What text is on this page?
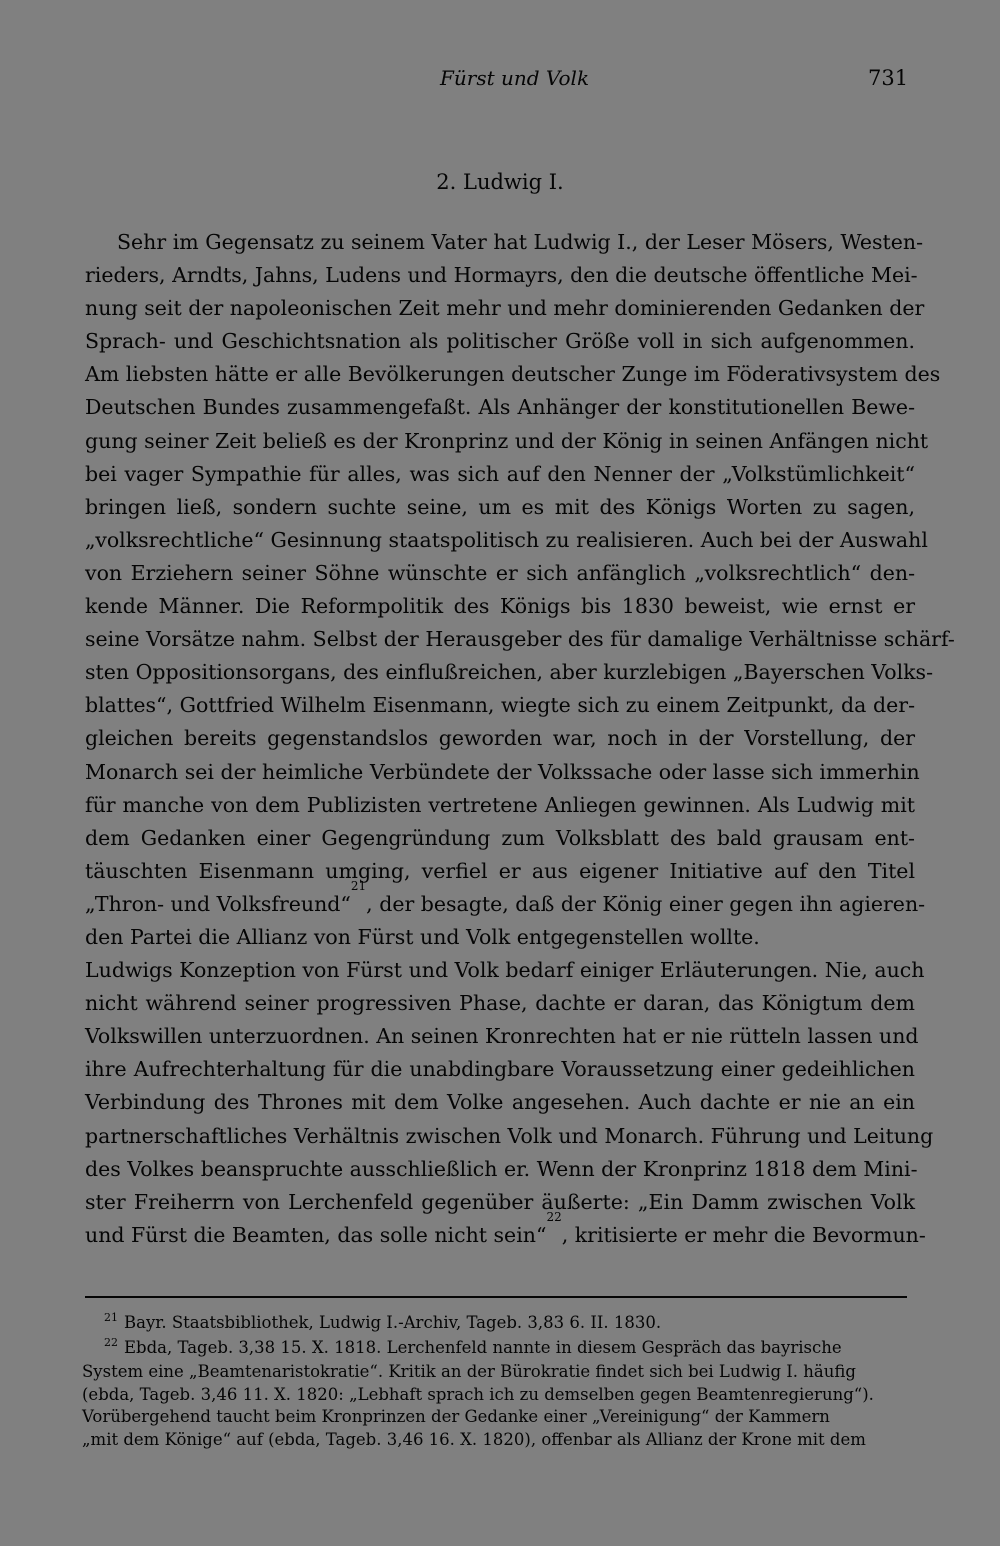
Fürst und Volk	731
2. Ludwig I.
Sehr im Gegensatz zu seinem Vater hat Ludwig I., der Leser Mösers, Westen-
rieders, Arndts, Jahns, Ludens und Hormayrs, den die deutsche öffentliche Mei-
nung seit der napoleonischen Zeit mehr und mehr dominierenden Gedanken der
Sprach- und Geschichtsnation als politischer Größe voll in sich aufgenommen.
Am liebsten hätte er alle Bevölkerungen deutscher Zunge im Föderativsystem des
Deutschen Bundes zusammengefaßt. Als Anhänger der konstitutionellen Bewe-
gung seiner Zeit beließ es der Kronprinz und der König in seinen Anfängen nicht
bei vager Sympathie für alles, was sich auf den Nenner der „Volkstümlichkeit“
bringen ließ, sondern suchte seine, um es mit des Königs Worten zu sagen,
„volksrechtliche“ Gesinnung staatspolitisch zu realisieren. Auch bei der Auswahl
von Erziehern seiner Söhne wünschte er sich anfänglich „volksrechtlich“ den-
kende Männer. Die Reformpolitik des Königs bis 1830 beweist, wie ernst er
seine Vorsätze nahm. Selbst der Herausgeber des für damalige Verhältnisse schärf-
sten Oppositionsorgans, des einflußreichen, aber kurzlebigen „Bayerschen Volks-
blattes“, Gottfried Wilhelm Eisenmann, wiegte sich zu einem Zeitpunkt, da der-
gleichen bereits gegenstandslos geworden war, noch in der Vorstellung, der
Monarch sei der heimliche Verbündete der Volkssache oder lasse sich immerhin
für manche von dem Publizisten vertretene Anliegen gewinnen. Als Ludwig mit
dem Gedanken einer Gegengründung zum Volksblatt des bald grausam ent-
täuschten Eisenmann umging, verfiel er aus eigener Initiative auf den Titel
„Thron- und Volksfreund“$^{21}$, der besagte, daß der König einer gegen ihn agieren-
den Partei die Allianz von Fürst und Volk entgegenstellen wollte.
Ludwigs Konzeption von Fürst und Volk bedarf einiger Erläuterungen. Nie, auch
nicht während seiner progressiven Phase, dachte er daran, das Königtum dem
Volkswillen unterzuordnen. An seinen Kronrechten hat er nie rütteln lassen und
ihre Aufrechterhaltung für die unabdingbare Voraussetzung einer gedeihlichen
Verbindung des Thrones mit dem Volke angesehen. Auch dachte er nie an ein
partnerschaftliches Verhältnis zwischen Volk und Monarch. Führung und Leitung
des Volkes beanspruchte ausschließlich er. Wenn der Kronprinz 1818 dem Mini-
ster Freiherrn von Lerchenfeld gegenüber äußerte: „Ein Damm zwischen Volk
und Fürst die Beamten, das solle nicht sein“$^{22}$, kritisierte er mehr die Bevormun-
$^{21}$ Bayr. Staatsbibliothek, Ludwig I.-Archiv, Tageb. 3,83 6. II. 1830.
$^{22}$ Ebda, Tageb. 3,38 15. X. 1818. Lerchenfeld nannte in diesem Gespräch das bayrische
System eine „Beamtenaristokratie“. Kritik an der Bürokratie findet sich bei Ludwig I. häufig
(ebda, Tageb. 3,46 11. X. 1820: „Lebhaft sprach ich zu demselben gegen Beamtenregierung“).
Vorübergehend taucht beim Kronprinzen der Gedanke einer „Vereinigung“ der Kammern
„mit dem Könige“ auf (ebda, Tageb. 3,46 16. X. 1820), offenbar als Allianz der Krone mit dem
